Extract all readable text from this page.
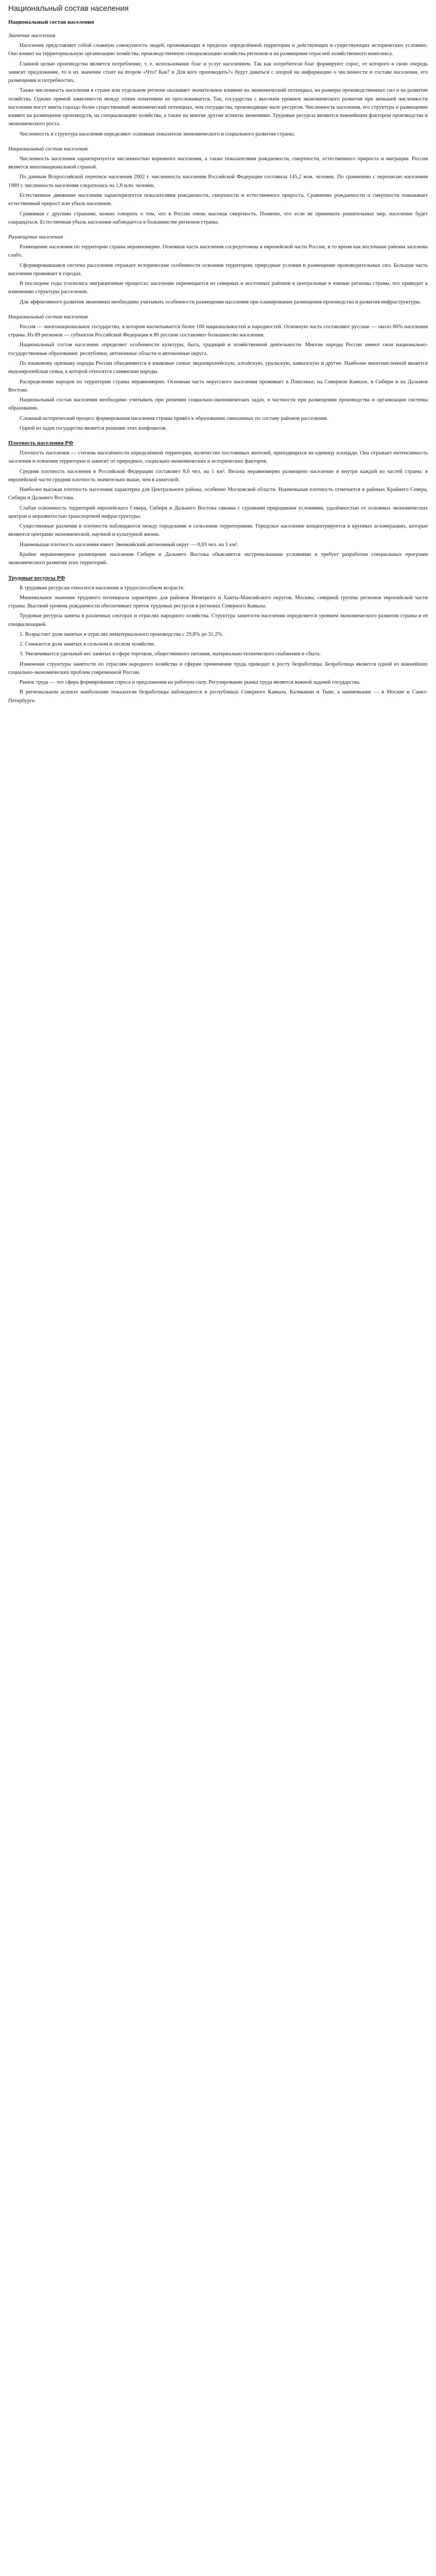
Национальный состав населения
Национальный состав населения
Значение населения

Население представляет собой сложную совокупность людей, проживающих в пределах определённой территории и действующих в существующих исторических условиях. Оно влияет на территориальную организацию хозяйства, производственную специализацию хозяйства регионов и на размещение отраслей хозяйственного комплекса.

Главной целью производства является потребление, т. е. использование благ и услуг населением. Так как потребители благ формируют спрос, от которого в свою очередь зависит предложение, то и их значение стоит на втором «Что? Как? и Для кого производить?» будут даваться с опорой на информацию о численности и составе населения, его размещении и потребностях.

Также численность населения в стране или отдельном регионе оказывает значительное влияние на экономический потенциал, на размеры производственных сил и на развитие хозяйства. Однако прямой зависимости между этими понятиями не прослеживается. Так, государства с высоким уровнем экономического развития при меньшей численности населения могут иметь гораздо более существенный экономический потенциал, чем государства, производящие мало ресурсов. Численность населения, его структура и размещение влияют на размещение производств, на специализацию хозяйства, а также на многие другие аспекты экономики. Трудовые ресурсы являются важнейшим фактором производства и экономического роста.

Численность и структура населения определяют основные показатели экономического и социального развития страны.

Национальный состав населения

Численность населения характеризуется численностью коренного населения, а также показателями рождаемости, смертности, естественного прироста и миграции. Россия является многонациональной страной.

По данным Всероссийской переписи населения 2002 г. численность населения Российской Федерации составила 145,2 млн. человек. По сравнению с переписью населения 1989 г. численность населения сократилась на 1,8 млн. человек.

Естественное движение населения характеризуется показателями рождаемости, смертности и естественного прироста. Сравнение рождаемости и смертности показывает естественный прирост или убыль населения.

Сравнивая с другими странами, можно говорить о том, что в России очень высокая смертность. Понятно, что если не принимать решительных мер, население будет сокращаться. Естественная убыль населения наблюдается в большинстве регионов страны.

Размещение населения

Размещение населения по территории страны неравномерно. Основная часть населения сосредоточена в европейской части России, в то время как восточные районы заселены слабо.

Сформировавшаяся система расселения отражает исторические особенности освоения территории, природные условия и размещение производительных сил. Большая часть населения проживает в городах.

В последние годы усилились миграционные процессы: население перемещается из северных и восточных районов в центральные и южные регионы страны, что приводит к изменению структуры расселения.

Для эффективного развития экономики необходимо учитывать особенности размещения населения при планировании размещения производства и развития инфраструктуры.

Национальный состав населения

Россия — многонациональное государство, в котором насчитывается более 100 национальностей и народностей. Основную часть составляют русские — около 80% населения страны. Из 89 регионов — субъектов Российской Федерации в 80 русские составляют большинство населения.

Национальный состав населения определяет особенности культуры, быта, традиций и хозяйственной деятельности. Многие народы России имеют свои национально-государственные образования: республики, автономные области и автономные округа.

По языковому признаку народы России объединяются в языковые семьи: индоевропейскую, алтайскую, уральскую, кавказскую и другие. Наиболее многочисленной является индоевропейская семья, к которой относятся славянские народы.

Распределение народов по территории страны неравномерно. Основная часть нерусского населения проживает в Поволжье, на Северном Кавказе, в Сибири и на Дальнем Востоке.

Национальный состав населения необходимо учитывать при решении социально-экономических задач, в частности при размещении производства и организации системы образования.

Сложный исторический процесс формирования населения страны привёл к образованию смешанных по составу районов расселения.

Одной из задач государства является решение этих конфликтов.

Плотность населения РФ

Плотность населения — степень населённости определённой территории, количество постоянных жителей, приходящихся на единицу площади. Она отражает интенсивность заселения и освоения территории и зависит от природных, социально-экономических и исторических факторов.

Средняя плотность населения в Российской Федерации составляет 8,6 чел. на 1 км². Весьма неравномерно размещено население и внутри каждой из частей страны: в европейской части средняя плотность значительно выше, чем в азиатской.

Наиболее высокая плотность населения характерна для Центрального района, особенно Московской области. Наименьшая плотность отмечается в районах Крайнего Севера, Сибири и Дальнего Востока.

Слабая освоенность территорий европейского Севера, Сибири и Дальнего Востока связана с суровыми природными условиями, удалённостью от основных экономических центров и неразвитостью транспортной инфраструктуры.

Существенные различия в плотности наблюдаются между городскими и сельскими территориями. Городское население концентрируется в крупных агломерациях, которые являются центрами экономической, научной и культурной жизни.

Наименьшая плотность населения имеет Эвенкийский автономный округ — 0,03 чел. на 1 км².

Крайне неравномерное размещение населения Сибири и Дальнего Востока объясняется экстремальными условиями и требует разработки специальных программ экономического развития этих территорий.

Трудовые ресурсы РФ

К трудовым ресурсам относится население в трудоспособном возрасте.

Минимальное значение трудового потенциала характерно для районов Ненецкого и Ханты-Мансийского округов, Москвы, северной группы регионов европейской части страны. Высокий уровень рождаемости обеспечивает приток трудовых ресурсов в регионах Северного Кавказа.

Трудовые ресурсы заняты в различных секторах и отраслях народного хозяйства. Структура занятости населения определяется уровнем экономического развития страны и её специализацией.

1. Возрастает доля занятых в отраслях нематериального производства с 29,8% до 31,2%.

2. Снижается доля занятых в сельском и лесном хозяйстве.

3. Увеличивается удельный вес занятых в сфере торговли, общественного питания, материально-технического снабжения и сбыта.

Изменение структуры занятости по отраслям народного хозяйства и сферам применения труда приводит к росту безработицы. Безработица является одной из важнейших социально-экономических проблем современной России.

Рынок труда — это сфера формирования спроса и предложения на рабочую силу. Регулирование рынка труда является важной задачей государства.

В региональном аспекте наибольшие показатели безработицы наблюдаются в республиках Северного Кавказа, Калмыкии и Тыве, а наименьшие — в Москве и Санкт-Петербурге.
